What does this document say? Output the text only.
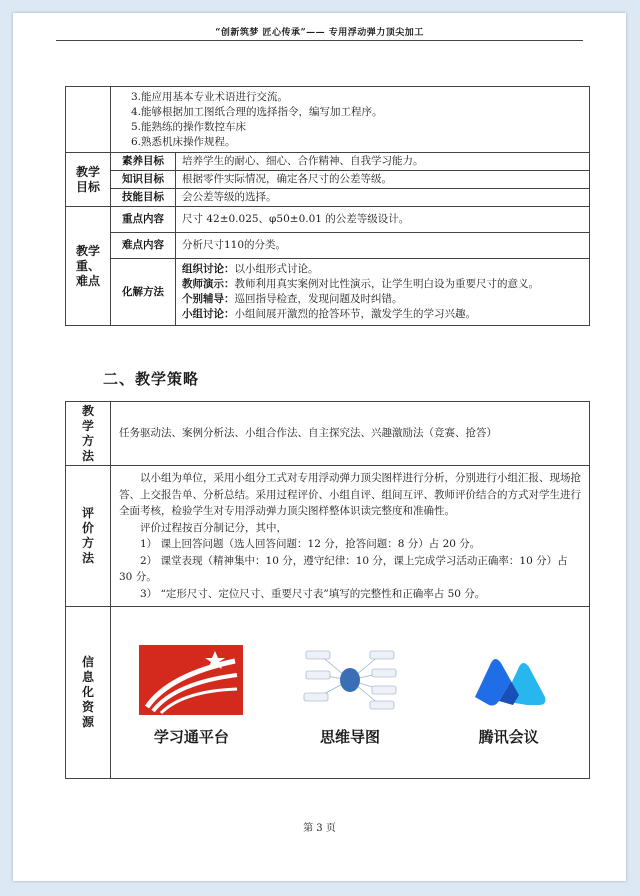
“创新筑梦 匠心传承”—— 专用浮动弹力顶尖加工

	3.能应用基本专业术语进行交流。
4.能够根据加工图纸合理的选择指令，编写加工程序。
5.能熟练的操作数控车床
6.熟悉机床操作规程。	

教学目标	素养目标	培养学生的耐心、细心、合作精神、自我学习能力。
	知识目标	根据零件实际情况，确定各尺寸的公差等级。
	技能目标	会公差等级的选择。

教学重、难点	重点内容	尺寸 42±0.025、φ50±0.01 的公差等级设计。
	难点内容	分析尺寸110的分类。
	化解方法	组织讨论：以小组形式讨论。
教师演示：教师利用真实案例对比性演示，让学生明白设为重要尺寸的意义。
个别辅导：巡回指导检查，发现问题及时纠错。
小组讨论：小组间展开激烈的抢答环节，激发学生的学习兴趣。
二、教学策略
教学方法	任务驱动法、案例分析法、小组合作法、自主探究法、兴趣激励法（竞赛、抢答）

评价方法	以小组为单位，采用小组分工式对专用浮动弹力顶尖图样进行分析，分别进行小组汇报、现场抢答、上交报告单、分析总结。采用过程评价、小组自评、组间互评、教师评价结合的方式对学生进行全面考核，检验学生对专用浮动弹力顶尖图样整体识读完整度和准确性。
评价过程按百分制记分，其中，
1） 课上回答问题（选人回答问题：12 分，抢答问题：8 分）占 20 分。
2） 课堂表现（精神集中：10 分，遵守纪律：10 分，课上完成学习活动正确率：10 分）占 30 分。
3） “定形尺寸、定位尺寸、重要尺寸表”填写的完整性和正确率占 50 分。

信息化资源	学习通平台 思维导图 腾讯会议
第 3 页
